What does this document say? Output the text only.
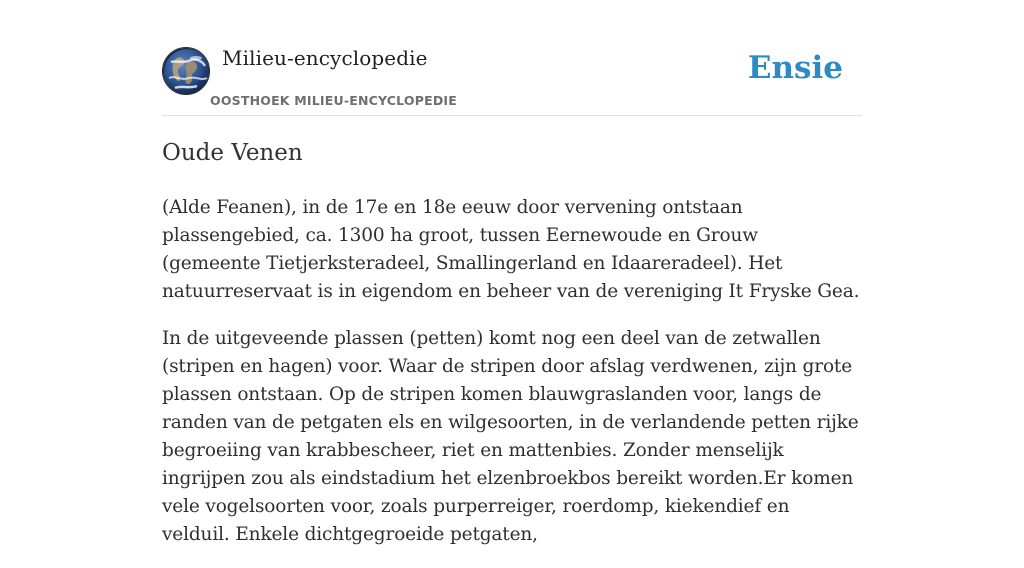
Milieu-encyclopedie
OOSTHOEK MILIEU-ENCYCLOPEDIE
Ensie
Oude Venen

(Alde Feanen), in de 17e en 18e eeuw door vervening ontstaan plassengebied, ca. 1300 ha groot, tussen Eernewoude en Grouw (gemeente Tietjerksteradeel, Smallingerland en Idaareradeel). Het natuurreservaat is in eigendom en beheer van de vereniging It Fryske Gea.

In de uitgeveende plassen (petten) komt nog een deel van de zetwallen (stripen en hagen) voor. Waar de stripen door afslag verdwenen, zijn grote plassen ontstaan. Op de stripen komen blauwgraslanden voor, langs de randen van de petgaten els en wilgesoorten, in de verlandende petten rijke begroeiing van krabbescheer, riet en mattenbies. Zonder menselijk ingrijpen zou als eindstadium het elzenbroekbos bereikt worden.Er komen vele vogelsoorten voor, zoals purperreiger, roerdomp, kiekendief en velduil. Enkele dichtgegroeide petgaten,
